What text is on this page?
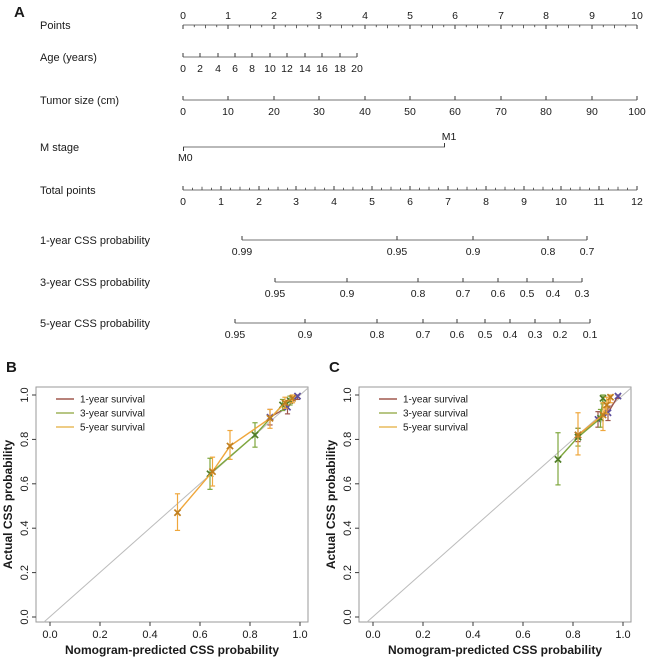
A
Points
0	1	2	3	4	5	6	7	8	9	10
Age (years)
0 2 4 6 8 10 12 14 16 18 20
Tumor size (cm)
0	10	20	30	40	50	60	70	80	90	100
M stage
M0
M1
Total points
0	1	2	3	4	5	6	7	8	9	10	11	12
1-year CSS probability
0.99	0.95	0.9	0.8 0.7
3-year CSS probability
0.95	0.9	0.8	0.7 0.6 0.5 0.4 0.3
5-year CSS probability
0.95	0.9	0.8	0.7 0.6 0.5 0.4 0.3 0.2 0.1
B
0.0	0.2	0.4	0.6	0.8	1.0
0.0
0.2
0.4
0.6
0.8
1.0
Nomogram-predicted CSS probability
Actual CSS probability
1-year survival
3-year survival
5-year survival
C
0.0	0.2	0.4	0.6	0.8	1.0
0.0
0.2
0.4
0.6
0.8
1.0
Nomogram-predicted CSS probability
Actual CSS probability
1-year survival
3-year survival
5-year survival
